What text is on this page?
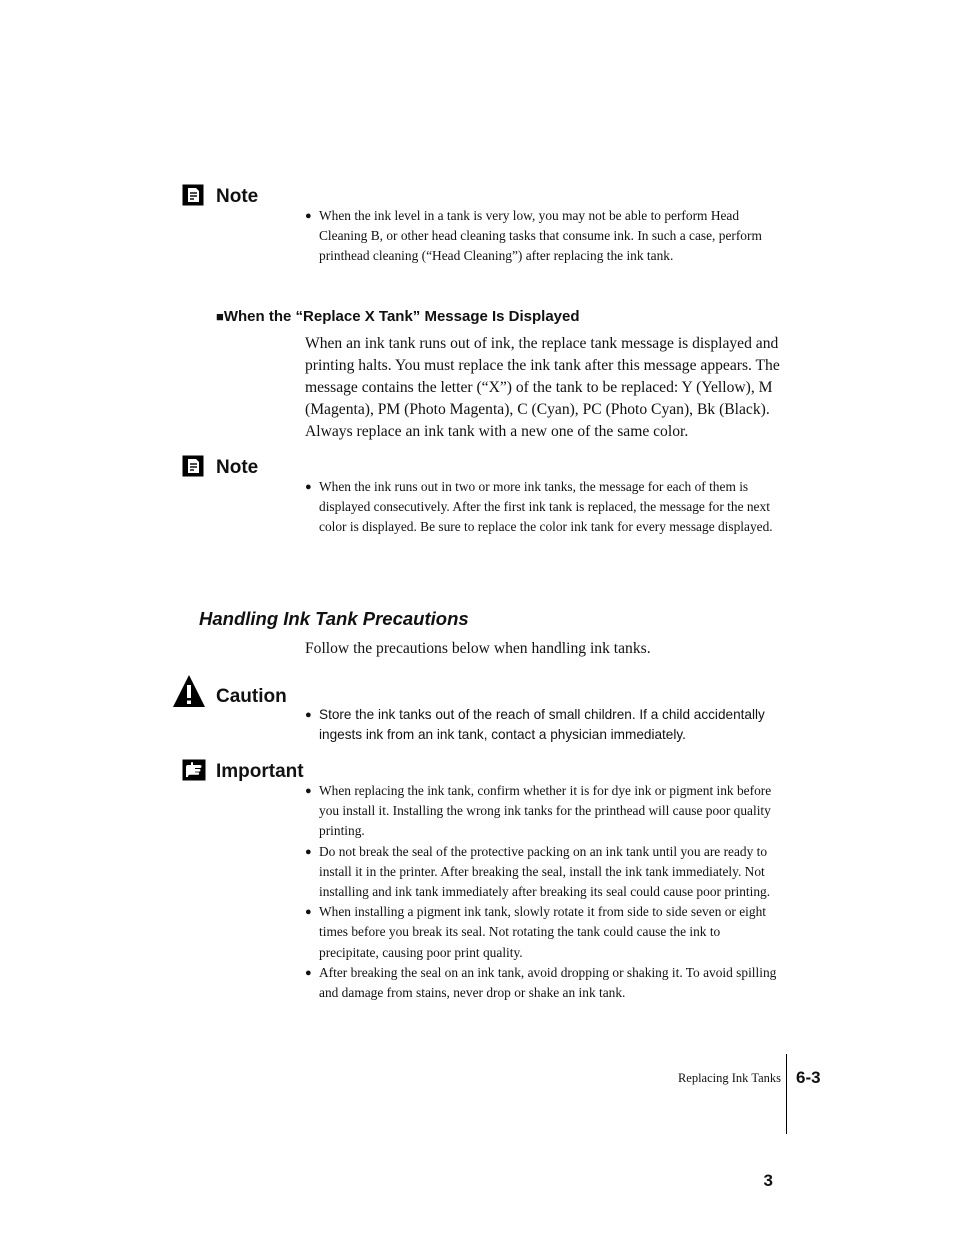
Note
● When the ink level in a tank is very low, you may not be able to perform Head Cleaning B, or other head cleaning tasks that consume ink. In such a case, perform printhead cleaning (“Head Cleaning”) after replacing the ink tank.
■When the “Replace X Tank” Message Is Displayed

When an ink tank runs out of ink, the replace tank message is displayed and printing halts. You must replace the ink tank after this message appears. The message contains the letter (“X”) of the tank to be replaced: Y (Yellow), M (Magenta), PM (Photo Magenta), C (Cyan), PC (Photo Cyan), Bk (Black). Always replace an ink tank with a new one of the same color.

Note
● When the ink runs out in two or more ink tanks, the message for each of them is displayed consecutively. After the first ink tank is replaced, the message for the next color is displayed. Be sure to replace the color ink tank for every message displayed.
Handling Ink Tank Precautions

Follow the precautions below when handling ink tanks.

Caution
● Store the ink tanks out of the reach of small children. If a child accidentally ingests ink from an ink tank, contact a physician immediately.
Important
● When replacing the ink tank, confirm whether it is for dye ink or pigment ink before you install it. Installing the wrong ink tanks for the printhead will cause poor quality printing.
● Do not break the seal of the protective packing on an ink tank until you are ready to install it in the printer. After breaking the seal, install the ink tank immediately. Not installing and ink tank immediately after breaking its seal could cause poor printing.
● When installing a pigment ink tank, slowly rotate it from side to side seven or eight times before you break its seal. Not rotating the tank could cause the ink to precipitate, causing poor print quality.
● After breaking the seal on an ink tank, avoid dropping or shaking it. To avoid spilling and damage from stains, never drop or shake an ink tank.
Replacing Ink Tanks 6-3
3
